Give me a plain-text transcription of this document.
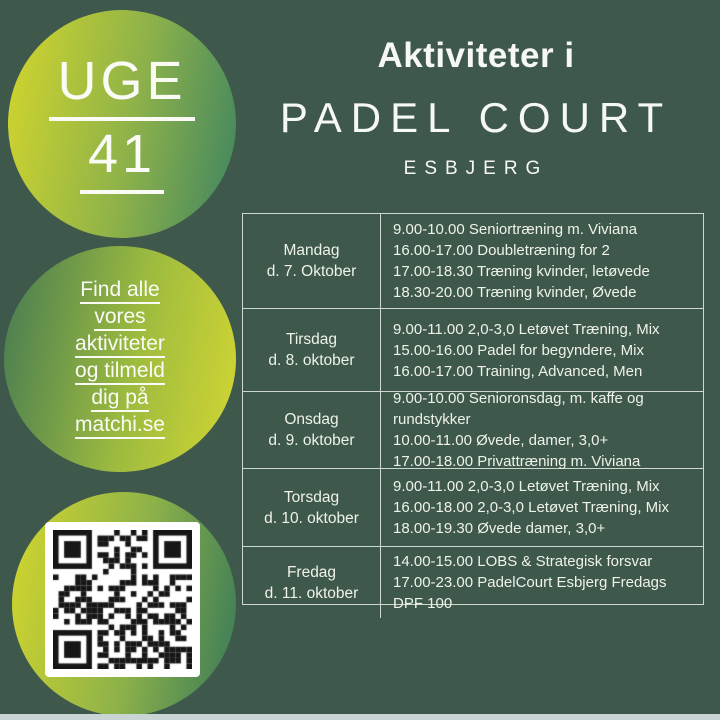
UGE
41
Find alle
vores
aktiviteter
og tilmeld
dig på
matchi.se
Aktiviteter i
PADEL COURT
ESBJERG
Mandag
d. 7. Oktober
9.00-10.00 Seniortræning m. Viviana
16.00-17.00 Doubletræning for 2
17.00-18.30 Træning kvinder, letøvede
18.30-20.00 Træning kvinder, Øvede
Tirsdag
d. 8. oktober
9.00-11.00 2,0-3,0 Letøvet Træning, Mix
15.00-16.00 Padel for begyndere, Mix
16.00-17.00 Training, Advanced, Men
Onsdag
d. 9. oktober
9.00-10.00 Senioronsdag, m. kaffe og rundstykker
10.00-11.00 Øvede, damer, 3,0+
17.00-18.00 Privattræning m. Viviana
Torsdag
d. 10. oktober
9.00-11.00 2,0-3,0 Letøvet Træning, Mix
16.00-18.00 2,0-3,0 Letøvet Træning, Mix
18.00-19.30 Øvede damer, 3,0+
Fredag
d. 11. oktober
14.00-15.00 LOBS & Strategisk forsvar
17.00-23.00 PadelCourt Esbjerg Fredags DPF 100
